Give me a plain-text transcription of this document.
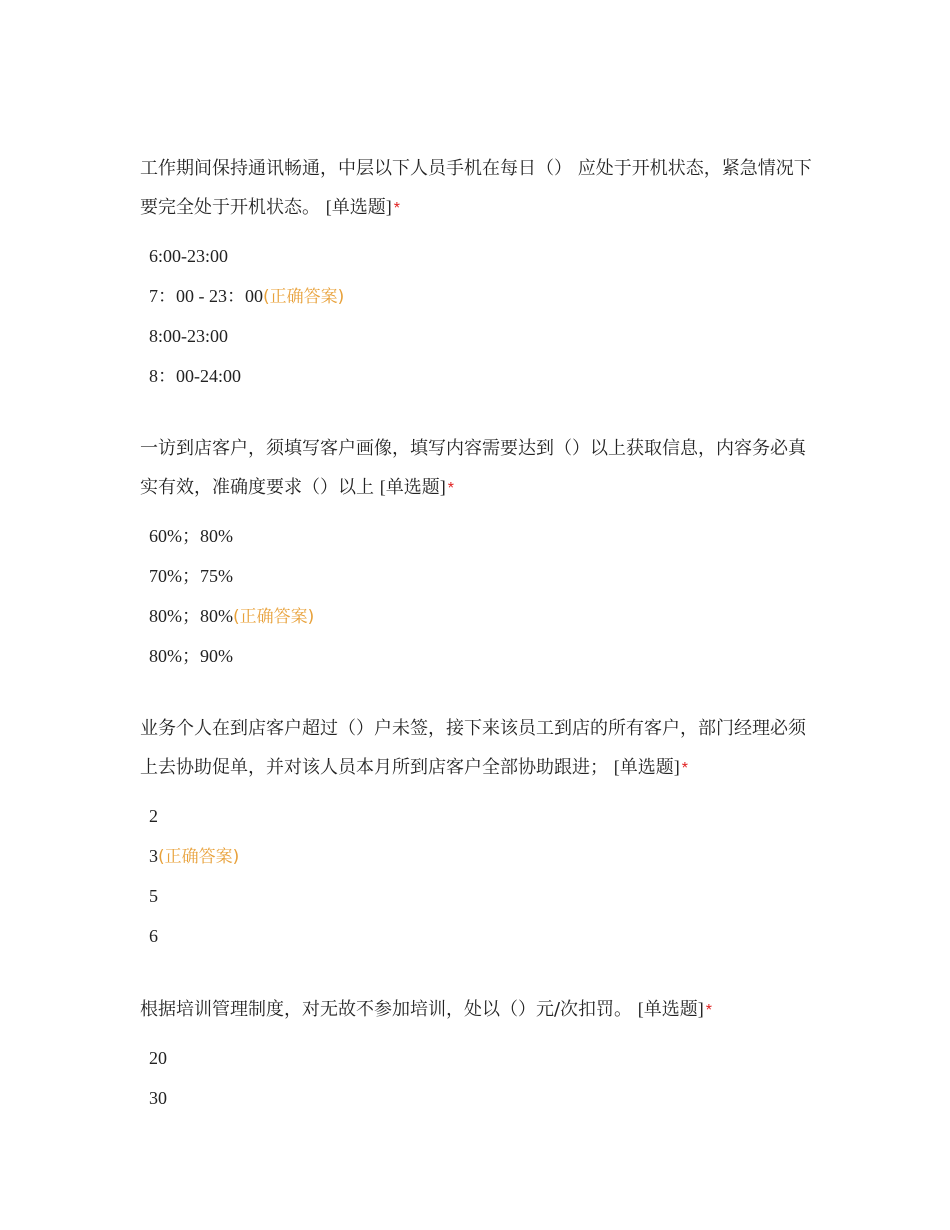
工作期间保持通讯畅通，中层以下人员手机在每日（） 应处于开机状态，紧急情况下要完全处于开机状态。 [单选题] *

6:00-23:00
7：00 - 23：00(正确答案)
8:00-23:00
8：00-24:00

一访到店客户，须填写客户画像，填写内容需要达到（）以上获取信息，内容务必真实有效，准确度要求（）以上 [单选题] *

60%；80%
70%；75%
80%；80%(正确答案)
80%；90%

业务个人在到店客户超过（）户未签，接下来该员工到店的所有客户，部门经理必须上去协助促单，并对该人员本月所到店客户全部协助跟进； [单选题] *

2
3(正确答案)
5
6

根据培训管理制度，对无故不参加培训，处以（）元/次扣罚。 [单选题] *

20
30
